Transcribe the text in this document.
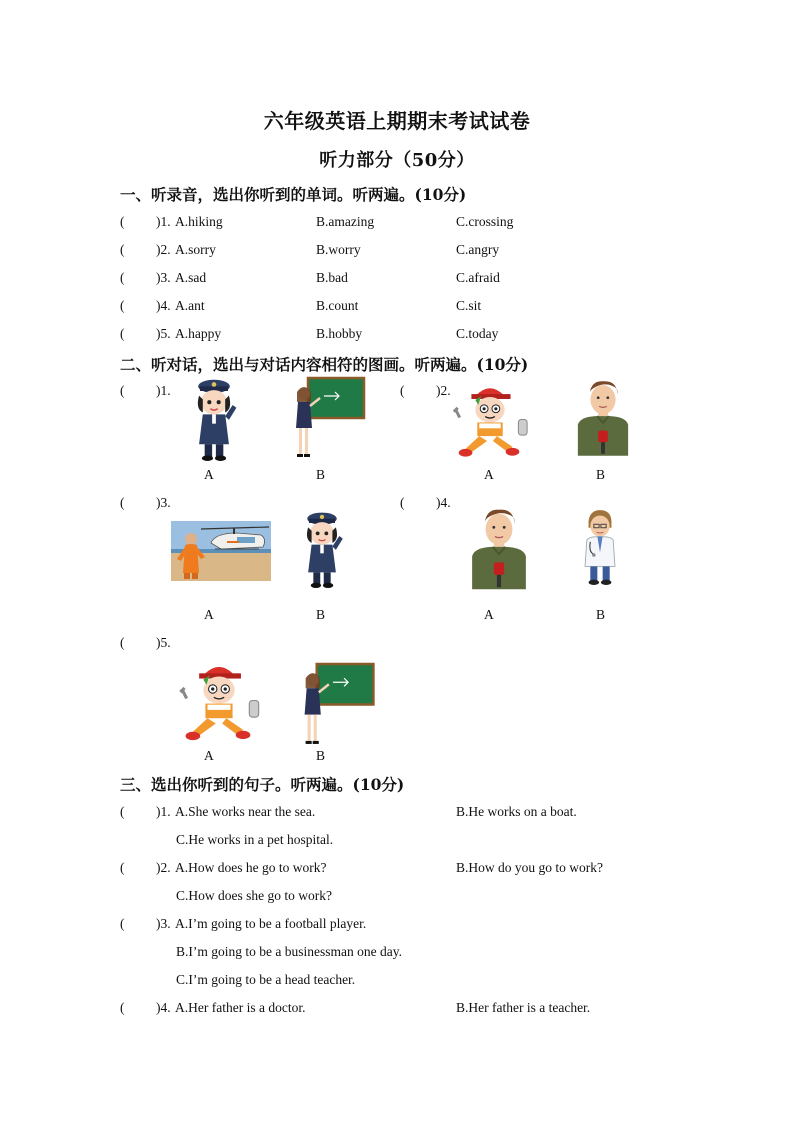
六年级英语上期期末考试试卷
听力部分（50分）
一、听录音，选出你听到的单词。听两遍。(10分)
( )1. A.hiking	B.amazing	C.crossing
( )2. A.sorry	B.worry	C.angry
( )3. A.sad	B.bad	C.afraid
( )4. A.ant	B.count	C.sit
( )5. A.happy	B.hobby	C.today
二、听对话，选出与对话内容相符的图画。听两遍。(10分)
( )1.
A	B
( )2.
A	B
( )3.
A	B
( )4.
A	B
( )5.
A	B
三、选出你听到的句子。听两遍。(10分)
( )1. A.She works near the sea.	B.He works on a boat.
C.He works in a pet hospital.
( )2. A.How does he go to work?	B.How do you go to work?
C.How does she go to work?
( )3. A.I’m going to be a football player.
B.I’m going to be a businessman one day.
C.I’m going to be a head teacher.
( )4. A.Her father is a doctor.	B.Her father is a teacher.
